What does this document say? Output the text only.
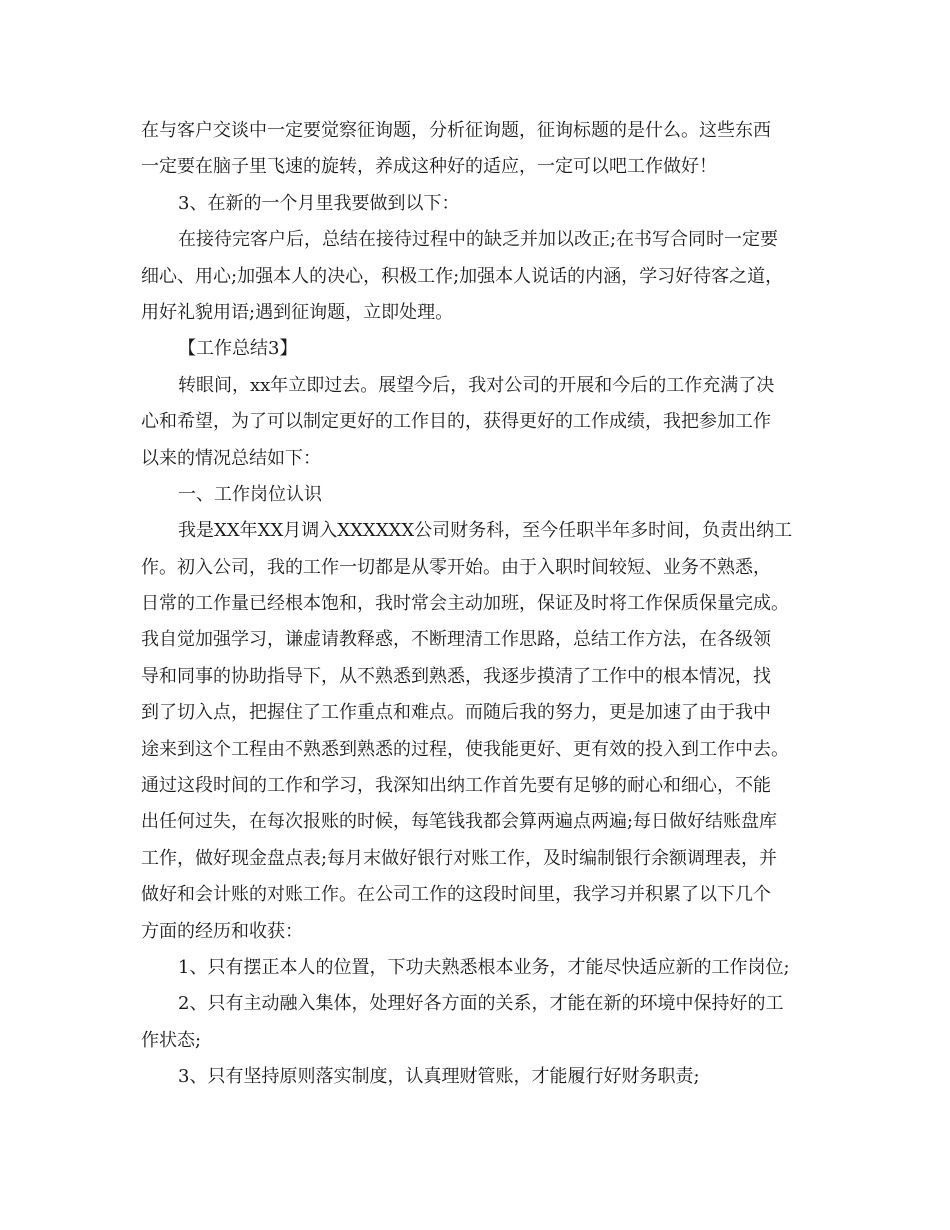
在与客户交谈中一定要觉察征询题，分析征询题，征询标题的是什么。这些东西
一定要在脑子里飞速的旋转，养成这种好的适应，一定可以吧工作做好！
3、在新的一个月里我要做到以下：
在接待完客户后，总结在接待过程中的缺乏并加以改正;在书写合同时一定要
细心、用心;加强本人的决心，积极工作;加强本人说话的内涵，学习好待客之道，
用好礼貌用语;遇到征询题，立即处理。
【工作总结3】
转眼间，xx年立即过去。展望今后，我对公司的开展和今后的工作充满了决
心和希望，为了可以制定更好的工作目的，获得更好的工作成绩，我把参加工作
以来的情况总结如下：
一、工作岗位认识
我是XX年XX月调入XXXXXX公司财务科，至今任职半年多时间，负责出纳工
作。初入公司，我的工作一切都是从零开始。由于入职时间较短、业务不熟悉，
日常的工作量已经根本饱和，我时常会主动加班，保证及时将工作保质保量完成。
我自觉加强学习，谦虚请教释惑，不断理清工作思路，总结工作方法，在各级领
导和同事的协助指导下，从不熟悉到熟悉，我逐步摸清了工作中的根本情况，找
到了切入点，把握住了工作重点和难点。而随后我的努力，更是加速了由于我中
途来到这个工程由不熟悉到熟悉的过程，使我能更好、更有效的投入到工作中去。
通过这段时间的工作和学习，我深知出纳工作首先要有足够的耐心和细心，不能
出任何过失，在每次报账的时候，每笔钱我都会算两遍点两遍;每日做好结账盘库
工作，做好现金盘点表;每月末做好银行对账工作，及时编制银行余额调理表，并
做好和会计账的对账工作。在公司工作的这段时间里，我学习并积累了以下几个
方面的经历和收获：
1、只有摆正本人的位置，下功夫熟悉根本业务，才能尽快适应新的工作岗位;
2、只有主动融入集体，处理好各方面的关系，才能在新的环境中保持好的工
作状态;
3、只有坚持原则落实制度，认真理财管账，才能履行好财务职责;
